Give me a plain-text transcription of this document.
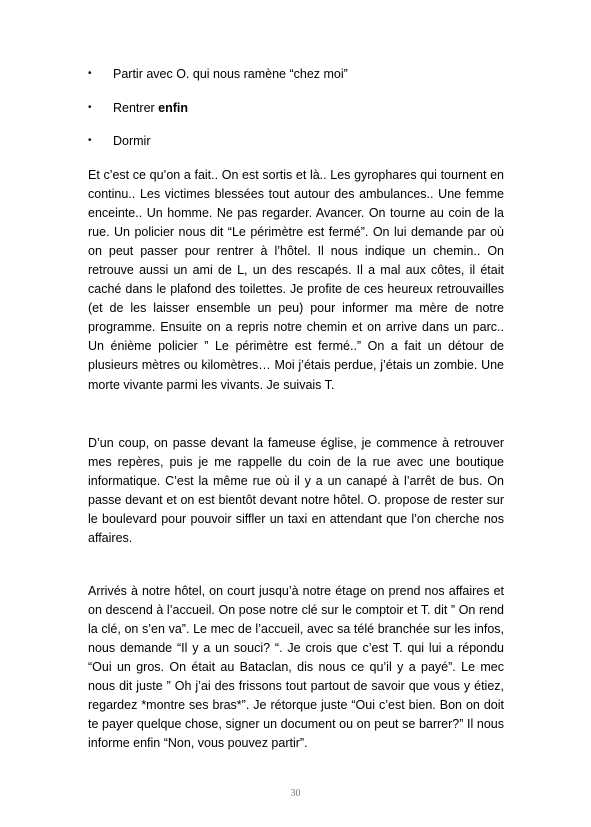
•	Partir avec O. qui nous ramène “chez moi”
•	Rentrer enfin
•	Dormir

Et c’est ce qu’on a fait.. On est sortis et là.. Les gyrophares qui tournent en continu.. Les victimes blessées tout autour des ambulances.. Une femme enceinte.. Un homme. Ne pas regarder. Avancer. On tourne au coin de la rue. Un policier nous dit “Le périmètre est fermé”. On lui demande par où on peut passer pour rentrer à l’hôtel. Il nous indique un chemin.. On retrouve aussi un ami de L, un des rescapés. Il a mal aux côtes, il était caché dans le plafond des toilettes. Je profite de ces heureux retrouvailles (et de les laisser ensemble un peu) pour informer ma mère de notre programme. Ensuite on a repris notre chemin et on arrive dans un parc.. Un énième policier ” Le périmètre est fermé..” On a fait un détour de plusieurs mètres ou kilomètres… Moi j’étais perdue, j’étais un zombie. Une morte vivante parmi les vivants. Je suivais T.

D’un coup, on passe devant la fameuse église, je commence à retrouver mes repères, puis je me rappelle du coin de la rue avec une boutique informatique. C’est la même rue où il y a un canapé à l’arrêt de bus. On passe devant et on est bientôt devant notre hôtel. O. propose de rester sur le boulevard pour pouvoir siffler un taxi en attendant que l’on cherche nos affaires.

Arrivés à notre hôtel, on court jusqu’à notre étage on prend nos affaires et on descend à l’accueil. On pose notre clé sur le comptoir et T. dit ” On rend la clé, on s’en va”. Le mec de l’accueil, avec sa télé branchée sur les infos, nous demande “Il y a un souci? “. Je crois que c’est T. qui lui a répondu “Oui un gros. On était au Bataclan, dis nous ce qu’il y a payé”. Le mec nous dit juste ” Oh j’ai des frissons tout partout de savoir que vous y étiez, regardez *montre ses bras*”. Je rétorque juste “Oui c’est bien. Bon on doit te payer quelque chose, signer un document ou on peut se barrer?” Il nous informe enfin “Non, vous pouvez partir”.

30
